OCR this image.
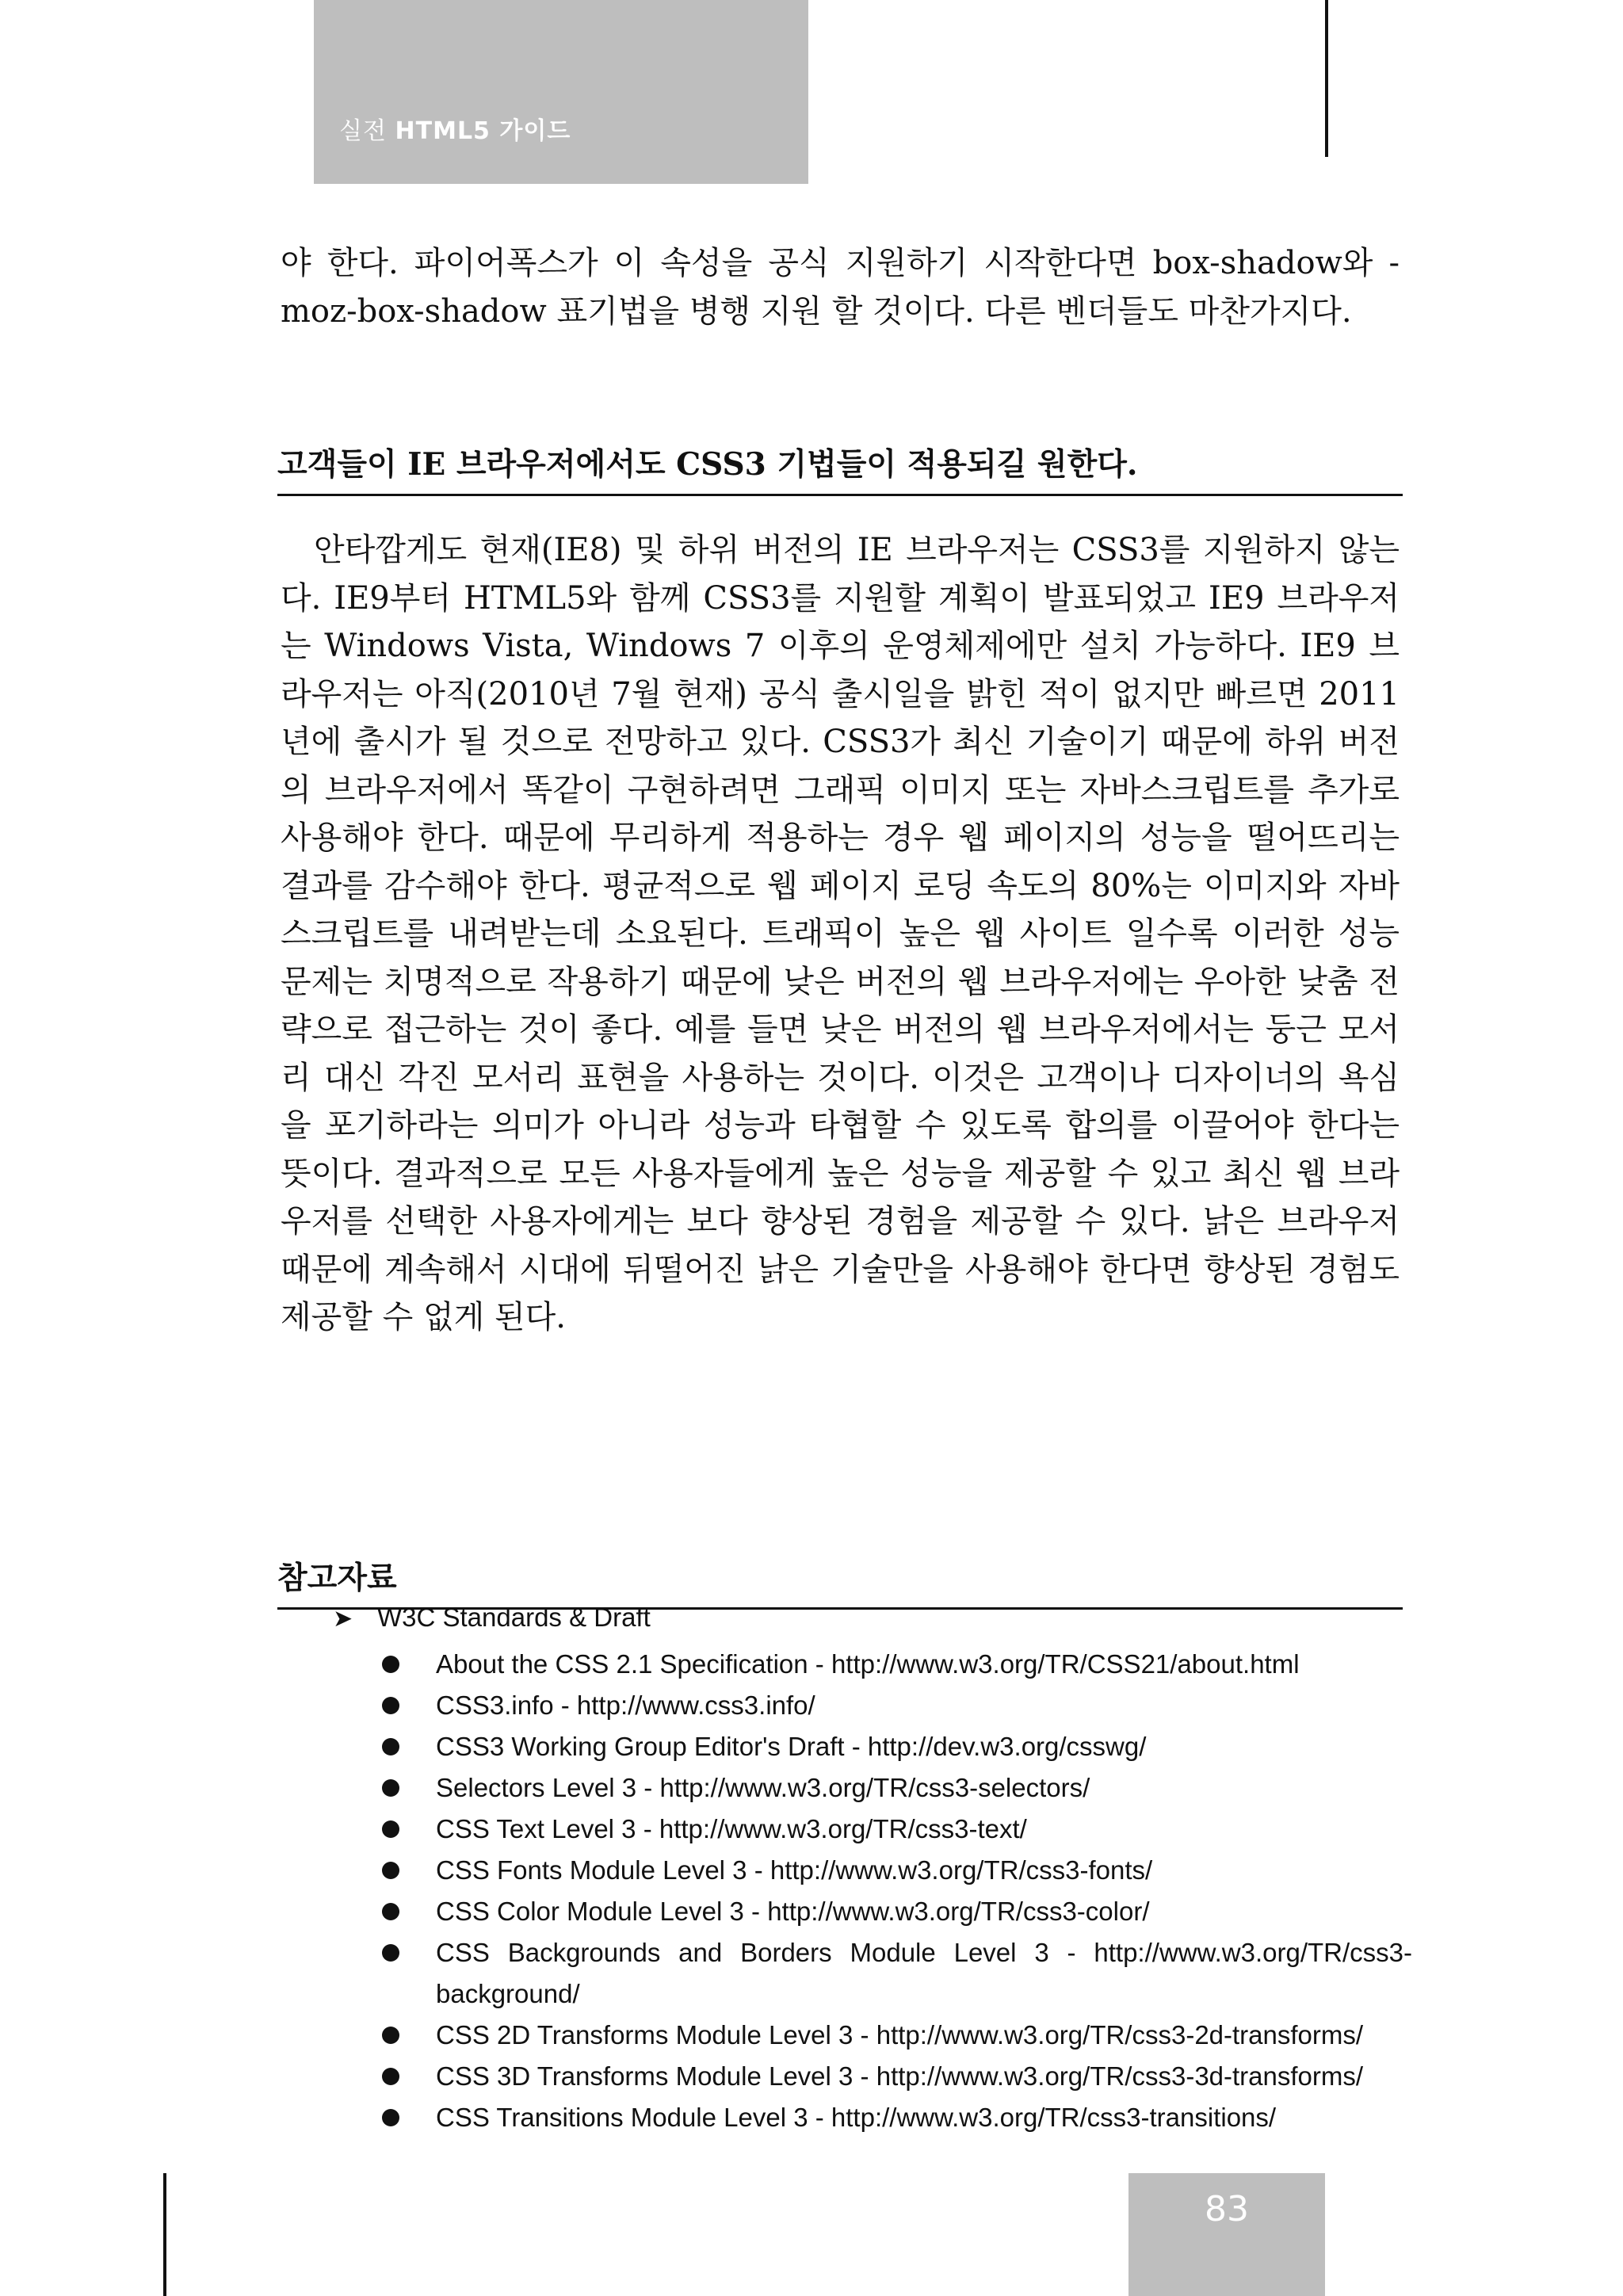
실전 HTML5 가이드

야 한다. 파이어폭스가 이 속성을 공식 지원하기 시작한다면 box-shadow와 -moz-box-shadow 표기법을 병행 지원 할 것이다. 다른 벤더들도 마찬가지다.

고객들이 IE 브라우저에서도 CSS3 기법들이 적용되길 원한다.

안타깝게도 현재(IE8) 및 하위 버전의 IE 브라우저는 CSS3를 지원하지 않는다. IE9부터 HTML5와 함께 CSS3를 지원할 계획이 발표되었고 IE9 브라우저는 Windows Vista, Windows 7 이후의 운영체제에만 설치 가능하다. IE9 브라우저는 아직(2010년 7월 현재) 공식 출시일을 밝힌 적이 없지만 빠르면 2011년에 출시가 될 것으로 전망하고 있다. CSS3가 최신 기술이기 때문에 하위 버전의 브라우저에서 똑같이 구현하려면 그래픽 이미지 또는 자바스크립트를 추가로 사용해야 한다. 때문에 무리하게 적용하는 경우 웹 페이지의 성능을 떨어뜨리는 결과를 감수해야 한다. 평균적으로 웹 페이지 로딩 속도의 80%는 이미지와 자바스크립트를 내려받는데 소요된다. 트래픽이 높은 웹 사이트 일수록 이러한 성능 문제는 치명적으로 작용하기 때문에 낮은 버전의 웹 브라우저에는 우아한 낮춤 전략으로 접근하는 것이 좋다. 예를 들면 낮은 버전의 웹 브라우저에서는 둥근 모서리 대신 각진 모서리 표현을 사용하는 것이다. 이것은 고객이나 디자이너의 욕심을 포기하라는 의미가 아니라 성능과 타협할 수 있도록 합의를 이끌어야 한다는 뜻이다. 결과적으로 모든 사용자들에게 높은 성능을 제공할 수 있고 최신 웹 브라우저를 선택한 사용자에게는 보다 향상된 경험을 제공할 수 있다. 낡은 브라우저 때문에 계속해서 시대에 뒤떨어진 낡은 기술만을 사용해야 한다면 향상된 경험도 제공할 수 없게 된다.

참고자료
➤ W3C Standards & Draft
About the CSS 2.1 Specification - http://www.w3.org/TR/CSS21/about.html
CSS3.info - http://www.css3.info/
CSS3 Working Group Editor's Draft - http://dev.w3.org/csswg/
Selectors Level 3 - http://www.w3.org/TR/css3-selectors/
CSS Text Level 3 - http://www.w3.org/TR/css3-text/
CSS Fonts Module Level 3 - http://www.w3.org/TR/css3-fonts/
CSS Color Module Level 3 - http://www.w3.org/TR/css3-color/
CSS Backgrounds and Borders Module Level 3 - http://www.w3.org/TR/css3-background/
CSS 2D Transforms Module Level 3 - http://www.w3.org/TR/css3-2d-transforms/
CSS 3D Transforms Module Level 3 - http://www.w3.org/TR/css3-3d-transforms/
CSS Transitions Module Level 3 - http://www.w3.org/TR/css3-transitions/
83
